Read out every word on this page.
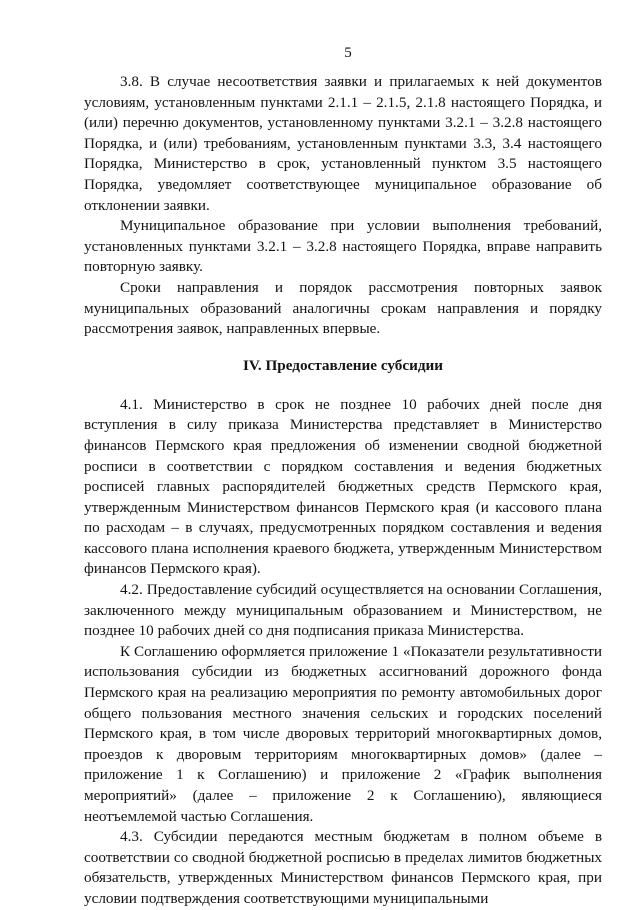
5

3.8. В случае несоответствия заявки и прилагаемых к ней документов условиям, установленным пунктами 2.1.1 – 2.1.5, 2.1.8 настоящего Порядка, и (или) перечню документов, установленному пунктами 3.2.1 – 3.2.8 настоящего Порядка, и (или) требованиям, установленным пунктами 3.3, 3.4 настоящего Порядка, Министерство в срок, установленный пунктом 3.5 настоящего Порядка, уведомляет соответствующее муниципальное образование об отклонении заявки.

Муниципальное образование при условии выполнения требований, установленных пунктами 3.2.1 – 3.2.8 настоящего Порядка, вправе направить повторную заявку.

Сроки направления и порядок рассмотрения повторных заявок муниципальных образований аналогичны срокам направления и порядку рассмотрения заявок, направленных впервые.

IV. Предоставление субсидии

4.1. Министерство в срок не позднее 10 рабочих дней после дня вступления в силу приказа Министерства представляет в Министерство финансов Пермского края предложения об изменении сводной бюджетной росписи в соответствии с порядком составления и ведения бюджетных росписей главных распорядителей бюджетных средств Пермского края, утвержденным Министерством финансов Пермского края (и кассового плана по расходам – в случаях, предусмотренных порядком составления и ведения кассового плана исполнения краевого бюджета, утвержденным Министерством финансов Пермского края).

4.2. Предоставление субсидий осуществляется на основании Соглашения, заключенного между муниципальным образованием и Министерством, не позднее 10 рабочих дней со дня подписания приказа Министерства.

К Соглашению оформляется приложение 1 «Показатели результативности использования субсидии из бюджетных ассигнований дорожного фонда Пермского края на реализацию мероприятия по ремонту автомобильных дорог общего пользования местного значения сельских и городских поселений Пермского края, в том числе дворовых территорий многоквартирных домов, проездов к дворовым территориям многоквартирных домов» (далее – приложение 1 к Соглашению) и приложение 2 «График выполнения мероприятий» (далее – приложение 2 к Соглашению), являющиеся неотъемлемой частью Соглашения.

4.3. Субсидии передаются местным бюджетам в полном объеме в соответствии со сводной бюджетной росписью в пределах лимитов бюджетных обязательств, утвержденных Министерством финансов Пермского края, при условии подтверждения соответствующими муниципальными
